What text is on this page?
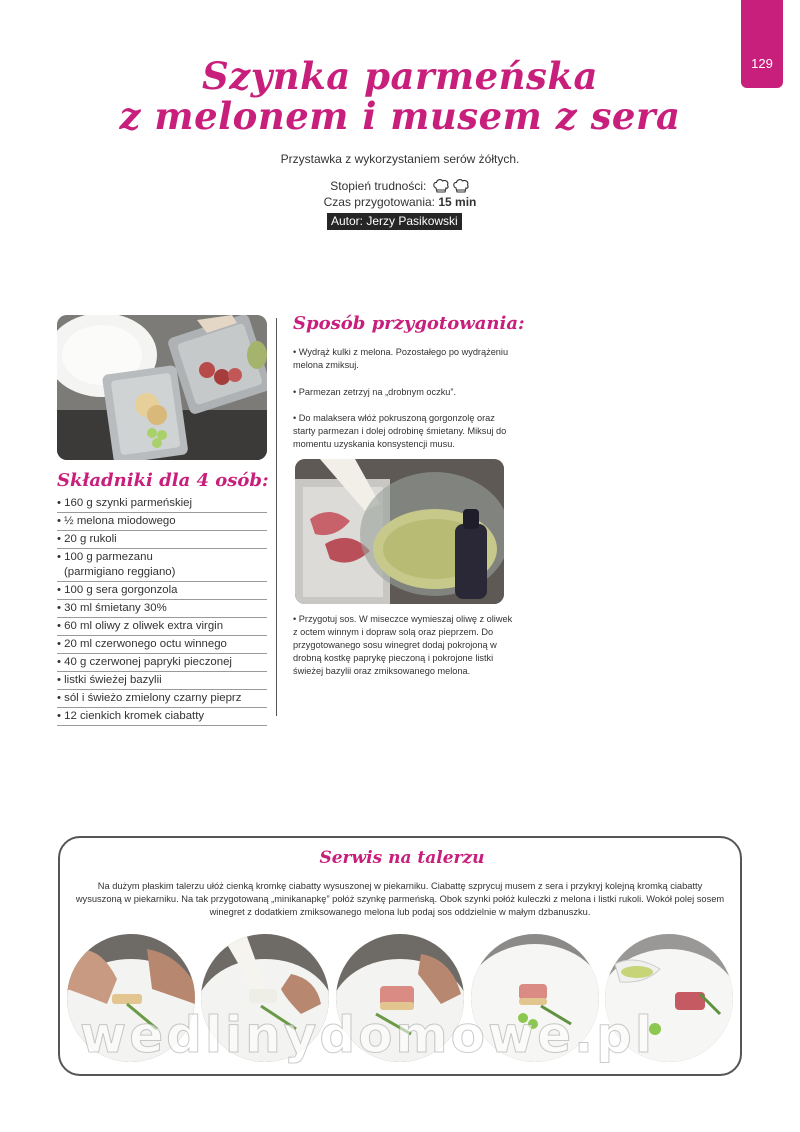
129
Szynka parmeńska
z melonem i musem z sera
Przystawka z wykorzystaniem serów żółtych.
Stopień trudności:
Czas przygotowania: 15 min
Autor: Jerzy Pasikowski
Składniki dla 4 osób:
• 160 g szynki parmeńskiej
• ½ melona miodowego
• 20 g rukoli
• 100 g parmezanu
(parmigiano reggiano)
• 100 g sera gorgonzola
• 30 ml śmietany 30%
• 60 ml oliwy z oliwek extra virgin
• 20 ml czerwonego octu winnego
• 40 g czerwonej papryki pieczonej
• listki świeżej bazylii
• sól i świeżo zmielony czarny pieprz
• 12 cienkich kromek ciabatty
Sposób przygotowania:
• Wydrąż kulki z melona. Pozostałego po wydrążeniu melona zmiksuj.
• Parmezan zetrzyj na „drobnym oczku”.
• Do malaksera włóż pokruszoną gorgonzolę oraz starty parmezan i dolej odrobinę śmietany. Miksuj do momentu uzyskania konsystencji musu.
• Przygotuj sos. W miseczce wymieszaj oliwę z oliwek z octem winnym i dopraw solą oraz pieprzem. Do przygotowanego sosu winegret dodaj pokrojoną w drobną kostkę paprykę pieczoną i pokrojone listki świeżej bazylii oraz zmiksowanego melona.
Serwis na talerzu
Na dużym płaskim talerzu ułóż cienką kromkę ciabatty wysuszonej w piekarniku. Ciabattę szprycuj musem z sera i przykryj kolejną kromką ciabatty wysuszoną w piekarniku. Na tak przygotowaną „minikanapkę” połóż szynkę parmeńską. Obok szynki połóż kuleczki z melona i listki rukoli. Wokół polej sosem winegret z dodatkiem zmiksowanego melona lub podaj sos oddzielnie w małym dzbanuszku.
wedlinydomowe.pl
